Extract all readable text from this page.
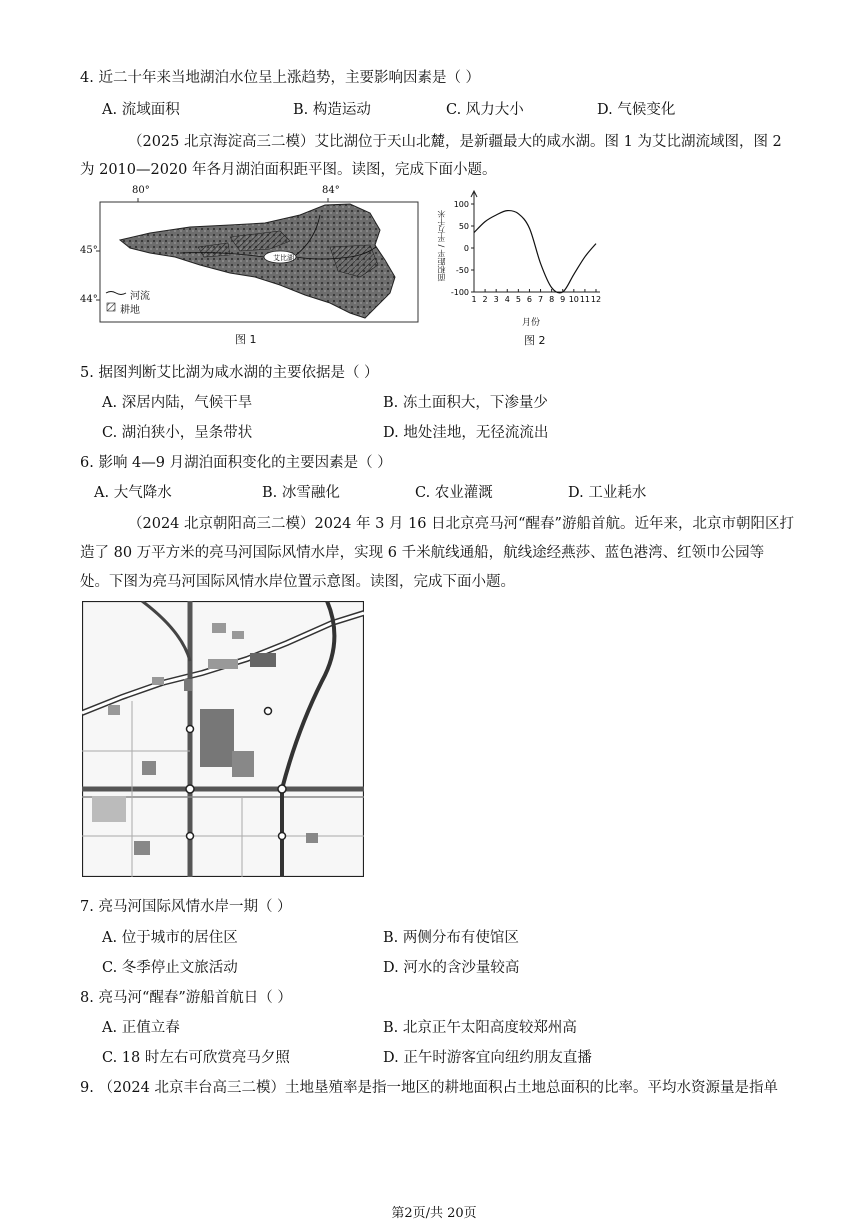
4. 近二十年来当地湖泊水位呈上涨趋势，主要影响因素是（ ）
A. 流域面积	B. 构造运动	C. 风力大小	D. 气候变化
（2025 北京海淀高三二模）艾比湖位于天山北麓，是新疆最大的咸水湖。图 1 为艾比湖流域图，图 2
为 2010—2020 年各月湖泊面积距平图。读图，完成下面小题。
艾比湖
80°	84°
45°
44°	河流
耕地
图 1
100
50
0
-50
-100
1 2 3 4 5 6 7 8 9 10 11 12
面积距平 / 平方千米
月份
图 2
5. 据图判断艾比湖为咸水湖的主要依据是（ ）
A. 深居内陆，气候干旱	B. 冻土面积大，下渗量少
C. 湖泊狭小，呈条带状	D. 地处洼地，无径流流出
6. 影响 4—9 月湖泊面积变化的主要因素是（ ）
A. 大气降水	B. 冰雪融化	C. 农业灌溉	D. 工业耗水
（2024 北京朝阳高三二模）2024 年 3 月 16 日北京亮马河“醒春”游船首航。近年来，北京市朝阳区打
造了 80 万平方米的亮马河国际风情水岸，实现 6 千米航线通船，航线途经燕莎、蓝色港湾、红领巾公园等
处。下图为亮马河国际风情水岸位置示意图。读图，完成下面小题。
7. 亮马河国际风情水岸一期（ ）
A. 位于城市的居住区	B. 两侧分布有使馆区
C. 冬季停止文旅活动	D. 河水的含沙量较高
8. 亮马河“醒春”游船首航日（ ）
A. 正值立春	B. 北京正午太阳高度较郑州高
C. 18 时左右可欣赏亮马夕照	D. 正午时游客宜向纽约朋友直播
9. （2024 北京丰台高三二模）土地垦殖率是指一地区的耕地面积占土地总面积的比率。平均水资源量是指单
第2页/共 20页
